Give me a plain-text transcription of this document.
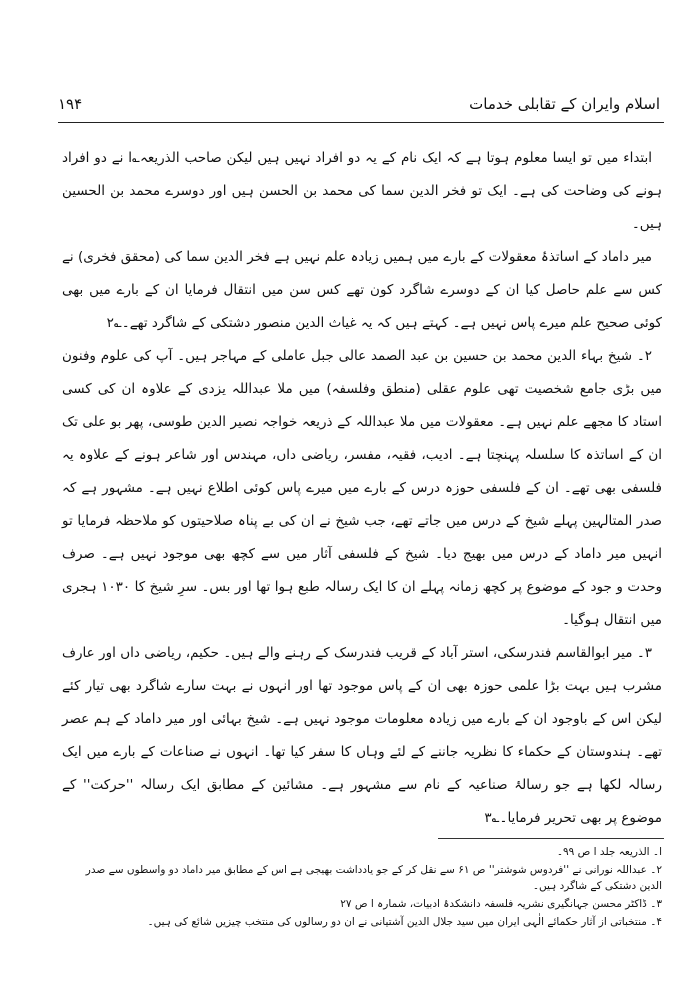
اسلام وایران کے تقابلی خدمات
۱۹۴

ابتداء میں تو ایسا معلوم ہوتا ہے کہ ایک نام کے یہ دو افراد نہیں ہیں لیکن صاحب الذریعہ؎ا نے دو افراد ہونے کی وضاحت کی ہے۔ ایک تو فخر الدین سما کی محمد بن الحسن ہیں اور دوسرے محمد بن الحسین ہیں۔

میر داماد کے اساتذۂ معقولات کے بارے میں ہمیں زیادہ علم نہیں ہے فخر الدین سما کی (محقق فخری) نے کس سے علم حاصل کیا ان کے دوسرے شاگرد کون تھے کس سن میں انتقال فرمایا ان کے بارے میں بھی کوئی صحیح علم میرے پاس نہیں ہے۔ کہتے ہیں کہ یہ غیاث الدین منصور دشتکی کے شاگرد تھے۔؎۲

۲۔ شیخ بہاء الدین محمد بن حسین بن عبد الصمد عالی جبل عاملی کے مہاجر ہیں۔ آپ کی علوم وفنون میں بڑی جامع شخصیت تھی علوم عقلی (منطق وفلسفہ) میں ملا عبداللہ یزدی کے علاوہ ان کی کسی استاد کا مجھے علم نہیں ہے۔ معقولات میں ملا عبداللہ کے ذریعہ خواجہ نصیر الدین طوسی، پھر بو علی تک ان کے اساتذہ کا سلسلہ پہنچتا ہے۔ ادیب، فقیہ، مفسر، ریاضی داں، مہندس اور شاعر ہونے کے علاوہ یہ فلسفی بھی تھے۔ ان کے فلسفی حوزہ درس کے بارے میں میرے پاس کوئی اطلاع نہیں ہے۔ مشہور ہے کہ صدر المتالہین پہلے شیخ کے درس میں جاتے تھے، جب شیخ نے ان کی بے پناہ صلاحیتوں کو ملاحظہ فرمایا تو انہیں میر داماد کے درس میں بھیج دیا۔ شیخ کے فلسفی آثار میں سے کچھ بھی موجود نہیں ہے۔ صرف وحدت و جود کے موضوع پر کچھ زمانہ پہلے ان کا ایک رسالہ طبع ہوا تھا اور بس۔ سرِ شیخ کا ۱۰۳۰ ہجری میں انتقال ہوگیا۔

۳۔ میر ابوالقاسم فندرسکی، استر آباد کے قریب فندرسک کے رہنے والے ہیں۔ حکیم، ریاضی داں اور عارف مشرب ہیں بہت بڑا علمی حوزہ بھی ان کے پاس موجود تھا اور انہوں نے بہت سارے شاگرد بھی تیار کئے لیکن اس کے باوجود ان کے بارے میں زیادہ معلومات موجود نہیں ہے۔ شیخ بہائی اور میر داماد کے ہم عصر تھے۔ ہندوستان کے حکماء کا نظریہ جاننے کے لئے وہاں کا سفر کیا تھا۔ انہوں نے صناعات کے بارے میں ایک رسالہ لکھا ہے جو رسالۂ صناعیہ کے نام سے مشہور ہے۔ مشائین کے مطابق ایک رسالہ ''حرکت'' کے موضوع پر بھی تحریر فرمایا۔؎۳

ا۔ الذریعہ جلد ا ص ۹۹۔

۲۔ عبداللہ نورانی نے ''فردوس شوشتر'' ص ۶۱ سے نقل کر کے جو یادداشت بھیجی ہے اس کے مطابق میر داماد دو واسطوں سے صدر الدین دشتکی کے شاگرد ہیں۔

۳۔ ڈاکٹر محسن جہانگیری نشریہ فلسفہ دانشکدۂ ادبیات، شمارہ ا ص ۲۷

۴۔ منتخباتی از آثار حکمائے الٰہی ایران میں سید جلال الدین آشتیانی نے ان دو رسالوں کی منتخب چیزیں شائع کی ہیں۔
